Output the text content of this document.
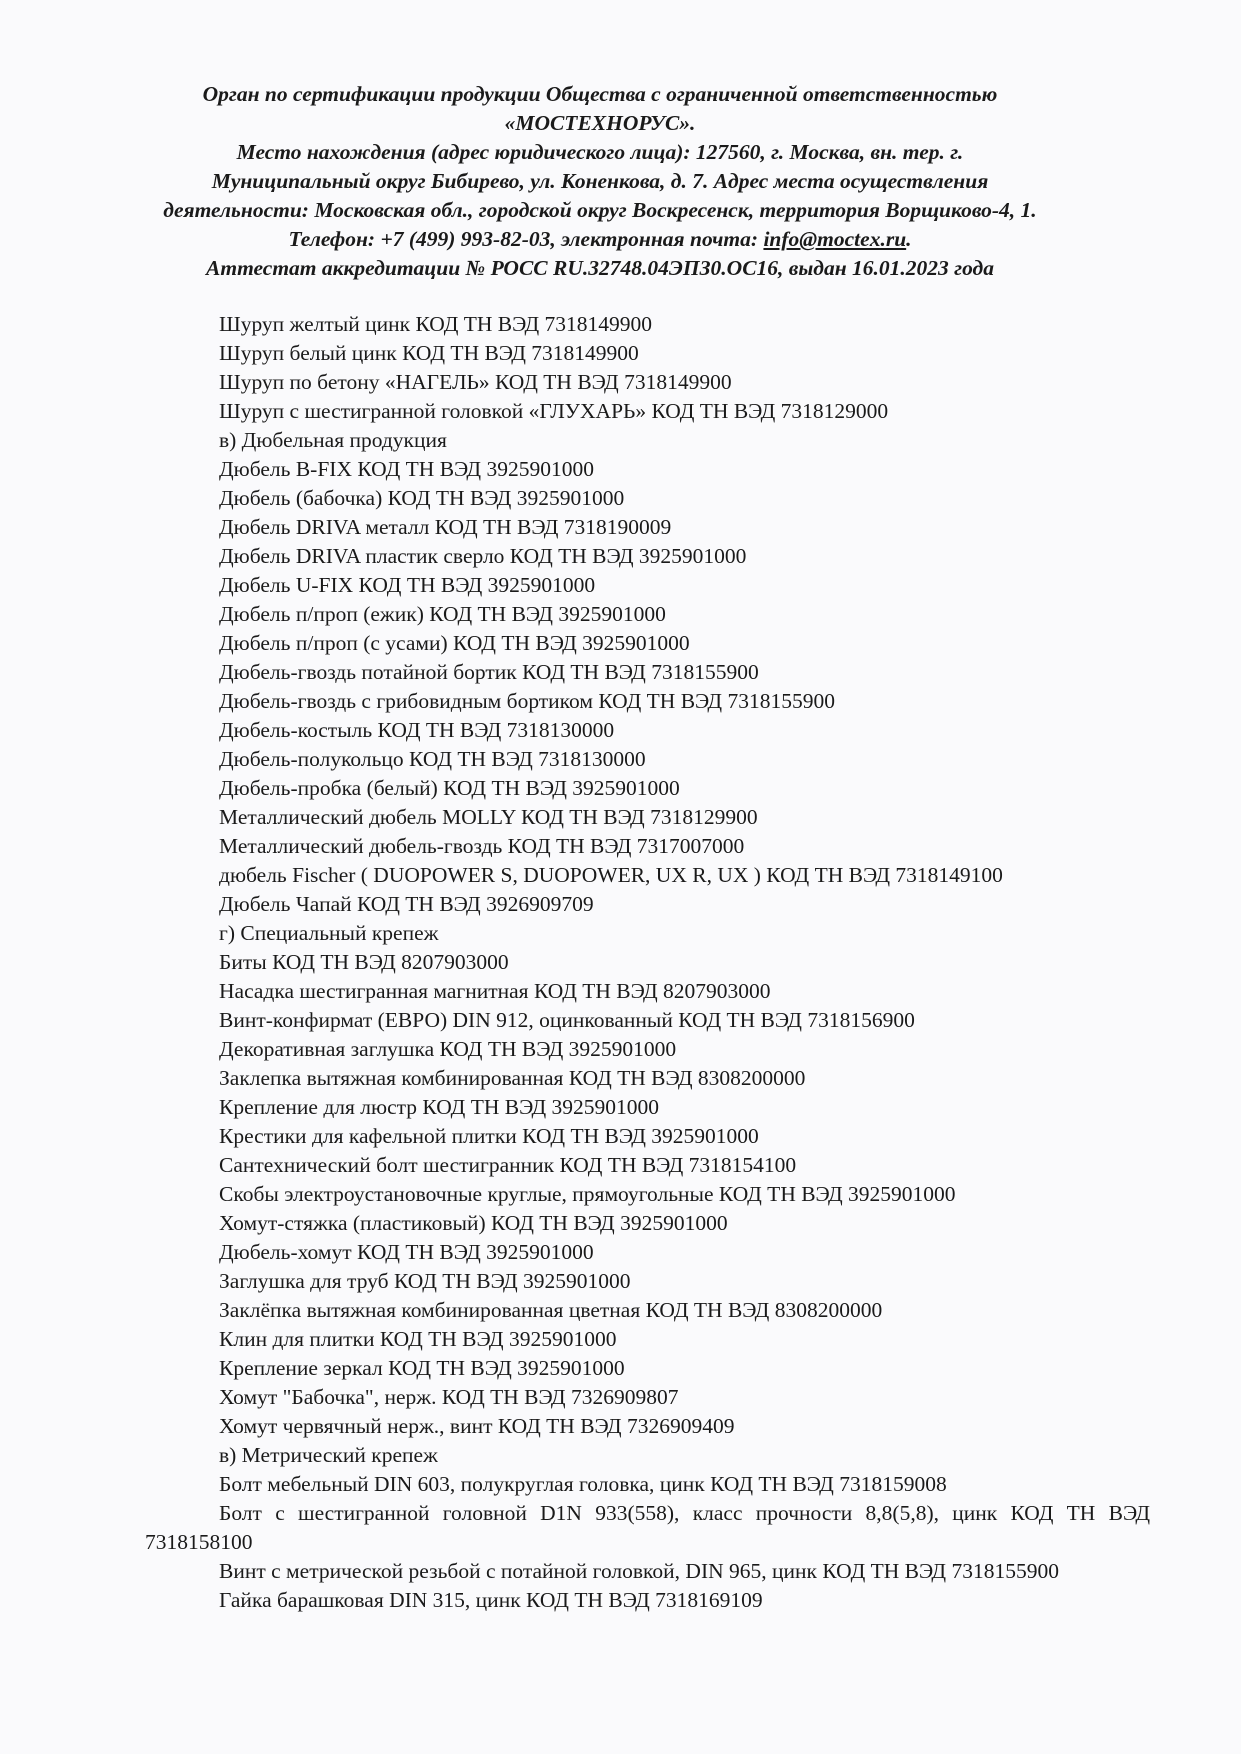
Орган по сертификации продукции Общества с ограниченной ответственностью
«МОСТЕХНОРУС».
Место нахождения (адрес юридического лица): 127560, г. Москва, вн. тер. г.
Муниципальный округ Бибирево, ул. Коненкова, д. 7. Адрес места осуществления
деятельности: Московская обл., городской округ Воскресенск, территория Ворщиково-4, 1.
Телефон: +7 (499) 993-82-03, электронная почта: info@moctex.ru.
Аттестат аккредитации № РОСС RU.32748.04ЭПЗ0.ОС16, выдан 16.01.2023 года
Шуруп желтый цинк КОД ТН ВЭД 7318149900
Шуруп белый цинк КОД ТН ВЭД 7318149900
Шуруп по бетону «НАГЕЛЬ» КОД ТН ВЭД 7318149900
Шуруп с шестигранной головкой «ГЛУХАРЬ» КОД ТН ВЭД 7318129000
в) Дюбельная продукция
Дюбель B-FIX КОД ТН ВЭД 3925901000
Дюбель (бабочка) КОД ТН ВЭД 3925901000
Дюбель DRIVA металл КОД ТН ВЭД 7318190009
Дюбель DRIVA пластик сверло КОД ТН ВЭД 3925901000
Дюбель U-FIX КОД ТН ВЭД 3925901000
Дюбель п/проп (ежик) КОД ТН ВЭД 3925901000
Дюбель п/проп (с усами) КОД ТН ВЭД 3925901000
Дюбель-гвоздь потайной бортик КОД ТН ВЭД 7318155900
Дюбель-гвоздь с грибовидным бортиком КОД ТН ВЭД 7318155900
Дюбель-костыль КОД ТН ВЭД 7318130000
Дюбель-полукольцо КОД ТН ВЭД 7318130000
Дюбель-пробка (белый) КОД ТН ВЭД 3925901000
Металлический дюбель MOLLY КОД ТН ВЭД 7318129900
Металлический дюбель-гвоздь КОД ТН ВЭД 7317007000
дюбель Fischer ( DUOPOWER S, DUOPOWER, UX R, UX ) КОД ТН ВЭД 7318149100
Дюбель Чапай КОД ТН ВЭД 3926909709
г) Специальный крепеж
Биты КОД ТН ВЭД 8207903000
Насадка шестигранная магнитная КОД ТН ВЭД 8207903000
Винт-конфирмат (ЕВРО) DIN 912, оцинкованный КОД ТН ВЭД 7318156900
Декоративная заглушка КОД ТН ВЭД 3925901000
Заклепка вытяжная комбинированная КОД ТН ВЭД 8308200000
Крепление для люстр КОД ТН ВЭД 3925901000
Крестики для кафельной плитки КОД ТН ВЭД 3925901000
Сантехнический болт шестигранник КОД ТН ВЭД 7318154100
Скобы электроустановочные круглые, прямоугольные КОД ТН ВЭД 3925901000
Хомут-стяжка (пластиковый) КОД ТН ВЭД 3925901000
Дюбель-хомут КОД ТН ВЭД 3925901000
Заглушка для труб КОД ТН ВЭД 3925901000
Заклёпка вытяжная комбинированная цветная КОД ТН ВЭД 8308200000
Клин для плитки КОД ТН ВЭД 3925901000
Крепление зеркал КОД ТН ВЭД 3925901000
Хомут "Бабочка", нерж. КОД ТН ВЭД 7326909807
Хомут червячный нерж., винт КОД ТН ВЭД 7326909409
в) Метрический крепеж
Болт мебельный DIN 603, полукруглая головка, цинк КОД ТН ВЭД 7318159008
Болт с шестигранной головной D1N 933(558), класс прочности 8,8(5,8), цинк КОД ТН ВЭД 7318158100
Винт с метрической резьбой с потайной головкой, DIN 965, цинк КОД ТН ВЭД 7318155900
Гайка барашковая DIN 315, цинк КОД ТН ВЭД 7318169109
